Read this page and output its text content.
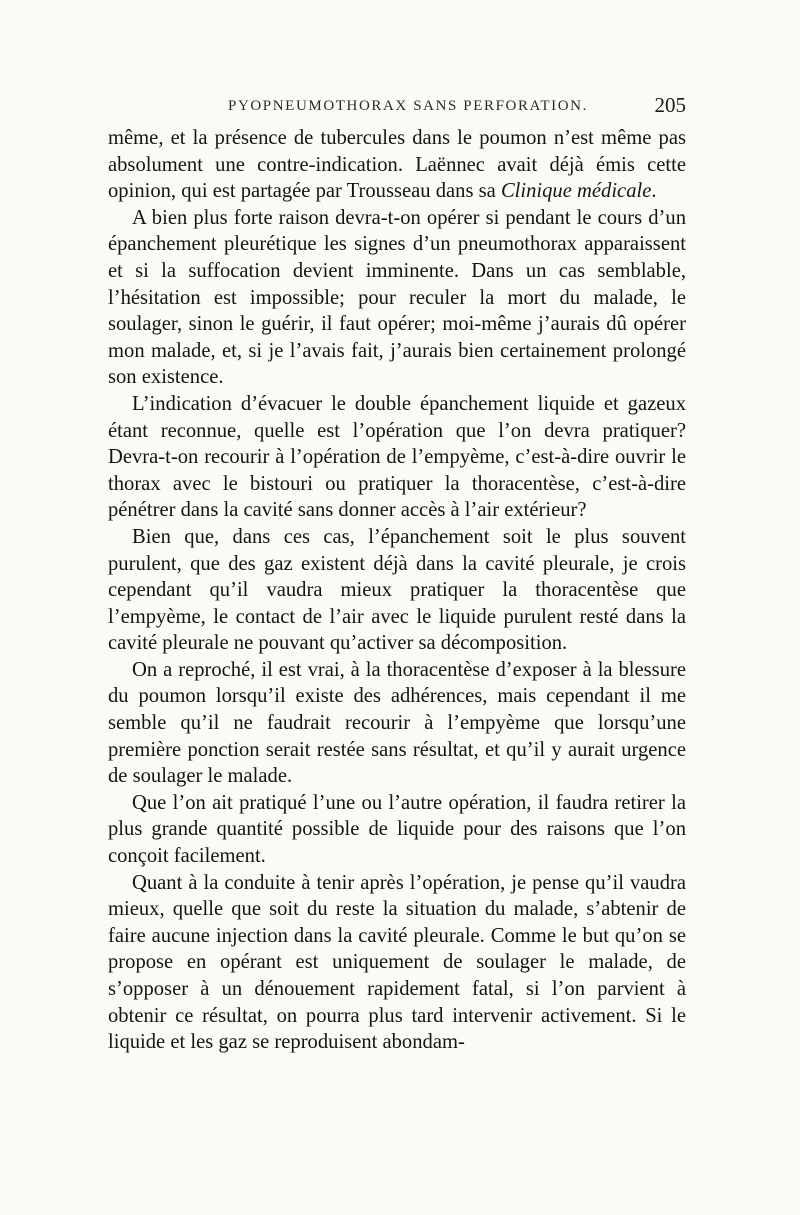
PYOPNEUMOTHORAX SANS PERFORATION.	205

même, et la présence de tubercules dans le poumon n’est même pas absolument une contre-indication. Laënnec avait déjà émis cette opinion, qui est partagée par Trousseau dans sa Clinique médicale.

A bien plus forte raison devra-t-on opérer si pendant le cours d’un épanchement pleurétique les signes d’un pneumothorax apparaissent et si la suffocation devient imminente. Dans un cas semblable, l’hésitation est impossible; pour reculer la mort du malade, le soulager, sinon le guérir, il faut opérer; moi-même j’aurais dû opérer mon malade, et, si je l’avais fait, j’aurais bien certainement prolongé son existence.

L’indication d’évacuer le double épanchement liquide et gazeux étant reconnue, quelle est l’opération que l’on devra pratiquer? Devra-t-on recourir à l’opération de l’empyème, c’est-à-dire ouvrir le thorax avec le bistouri ou pratiquer la thoracentèse, c’est-à-dire pénétrer dans la cavité sans donner accès à l’air extérieur?

Bien que, dans ces cas, l’épanchement soit le plus souvent purulent, que des gaz existent déjà dans la cavité pleurale, je crois cependant qu’il vaudra mieux pratiquer la thoracentèse que l’empyème, le contact de l’air avec le liquide purulent resté dans la cavité pleurale ne pouvant qu’activer sa décomposition.

On a reproché, il est vrai, à la thoracentèse d’exposer à la blessure du poumon lorsqu’il existe des adhérences, mais cependant il me semble qu’il ne faudrait recourir à l’empyème que lorsqu’une première ponction serait restée sans résultat, et qu’il y aurait urgence de soulager le malade.

Que l’on ait pratiqué l’une ou l’autre opération, il faudra retirer la plus grande quantité possible de liquide pour des raisons que l’on conçoit facilement.

Quant à la conduite à tenir après l’opération, je pense qu’il vaudra mieux, quelle que soit du reste la situation du malade, s’abtenir de faire aucune injection dans la cavité pleurale. Comme le but qu’on se propose en opérant est uniquement de soulager le malade, de s’opposer à un dénouement rapidement fatal, si l’on parvient à obtenir ce résultat, on pourra plus tard intervenir activement. Si le liquide et les gaz se reproduisent abondam-
